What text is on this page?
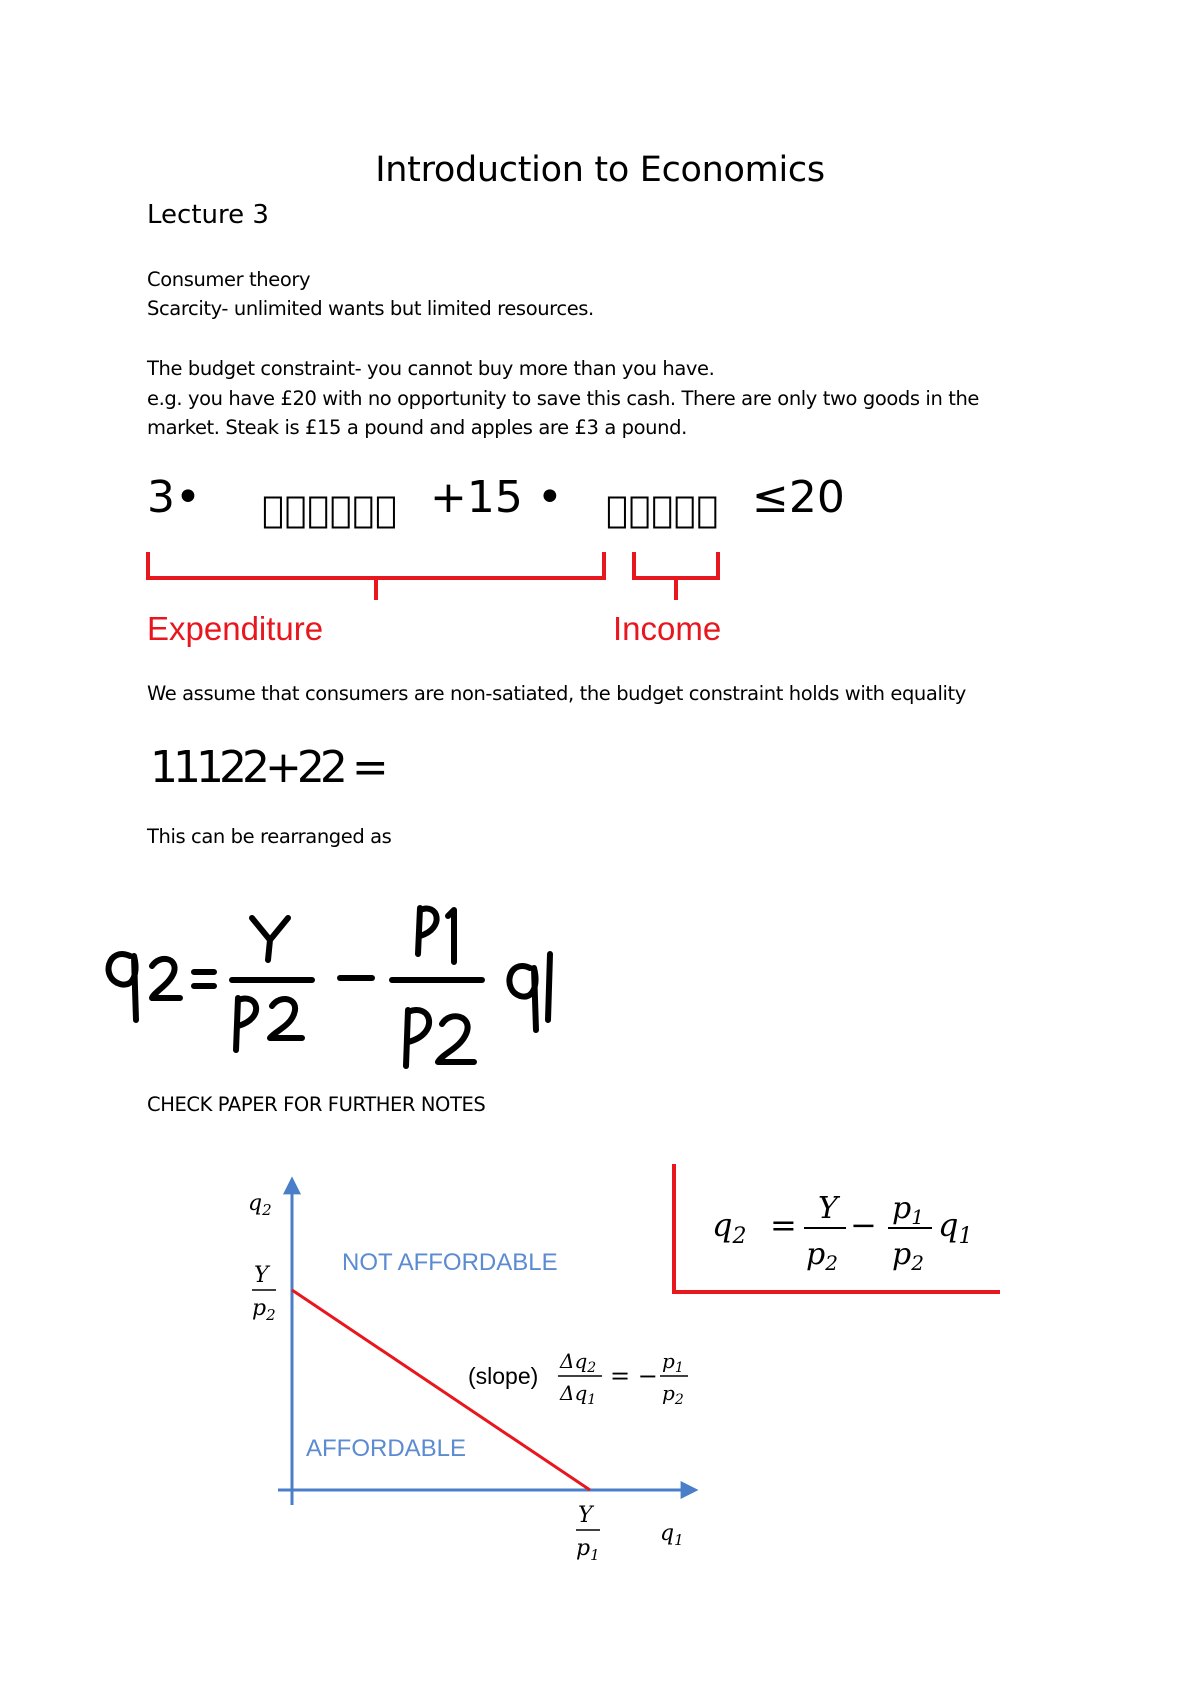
Introduction to Economics
Lecture 3
Consumer theory
Scarcity- unlimited wants but limited resources.
The budget constraint- you cannot buy more than you have.
e.g. you have £20 with no opportunity to save this cash. There are only two goods in the
market. Steak is £15 a pound and apples are £3 a pound.
3• 􏰀􏰀􏰀􏰀􏰀􏰀 +15 • 􏰀􏰀􏰀􏰀􏰀 ≤20
Expenditure	Income
We assume that consumers are non-satiated, the budget constraint holds with equality
11122+22 =
This can be rearranged as
CHECK PAPER FOR FURTHER NOTES
$q_2$
Y
$p_2$
Y
$p_1$
$q_1$
NOT AFFORDABLE
AFFORDABLE
(slope)
$\Delta q_2$
$\Delta q_1$
= −
$p_1$
$p_2$
$q_2 = Y$
$p_2$
− $p_1$
$p_2$
$q_1$
